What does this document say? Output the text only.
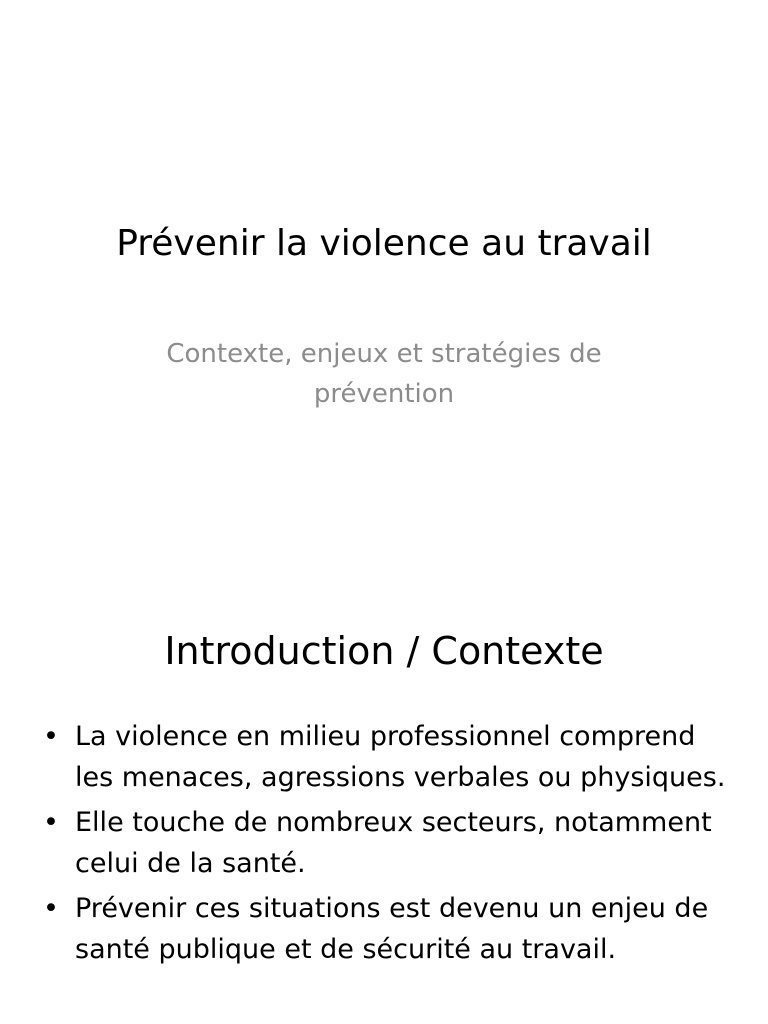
Prévenir la violence au travail

Contexte, enjeux et stratégies de prévention

Introduction / Contexte
• La violence en milieu professionnel comprend les menaces, agressions verbales ou physiques.
• Elle touche de nombreux secteurs, notamment celui de la santé.
• Prévenir ces situations est devenu un enjeu de santé publique et de sécurité au travail.
